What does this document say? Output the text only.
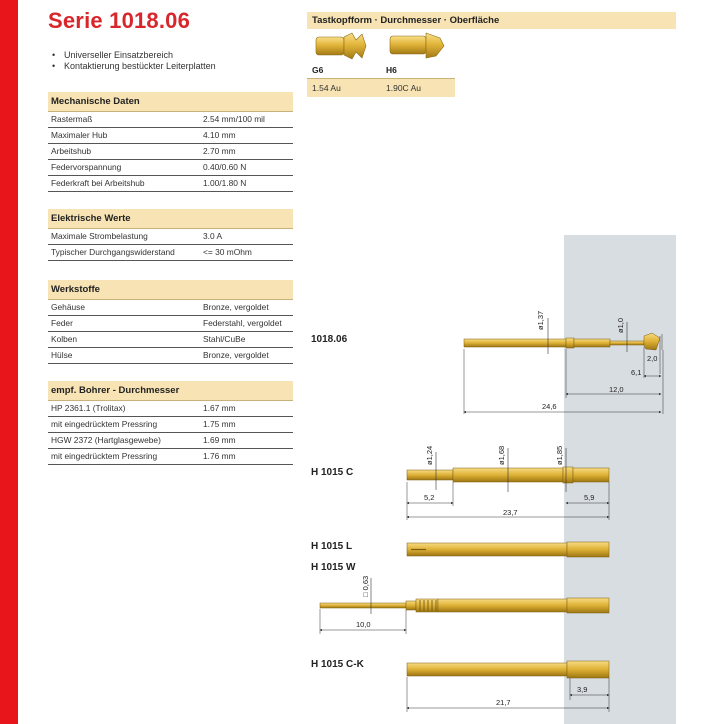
Serie 1018.06
• Universeller Einsatzbereich
• Kontaktierung bestückter Leiterplatten
Mechanische Daten
Rastermaß	2.54 mm/100 mil
Maximaler Hub	4.10 mm
Arbeitshub	2.70 mm
Federvorspannung	0.40/0.60 N
Federkraft bei Arbeitshub	1.00/1.80 N
Elektrische Werte
Maximale Strombelastung	3.0 A
Typischer Durchgangswiderstand	<= 30 mOhm
Werkstoffe
Gehäuse	Bronze, vergoldet
Feder	Federstahl, vergoldet
Kolben	Stahl/CuBe
Hülse	Bronze, vergoldet
empf. Bohrer - Durchmesser
HP 2361.1 (Trolitax)	1.67 mm
mit eingedrücktem Pressring	1.75 mm
HGW 2372 (Hartglasgewebe)	1.69 mm
mit eingedrücktem Pressring	1.76 mm
Tastkopfform · Durchmesser · Oberfläche
G6	H6
1.54 Au	1.90C Au
1018.06
H 1015 C
H 1015 L
H 1015 W
H 1015 C-K
ø1,37	ø1,0
2,0
6,1
12,0
24,6
ø1,24	ø1,68	ø1,85
5,2	5,9
23,7
□ 0,63
10,0
3,9
21,7
